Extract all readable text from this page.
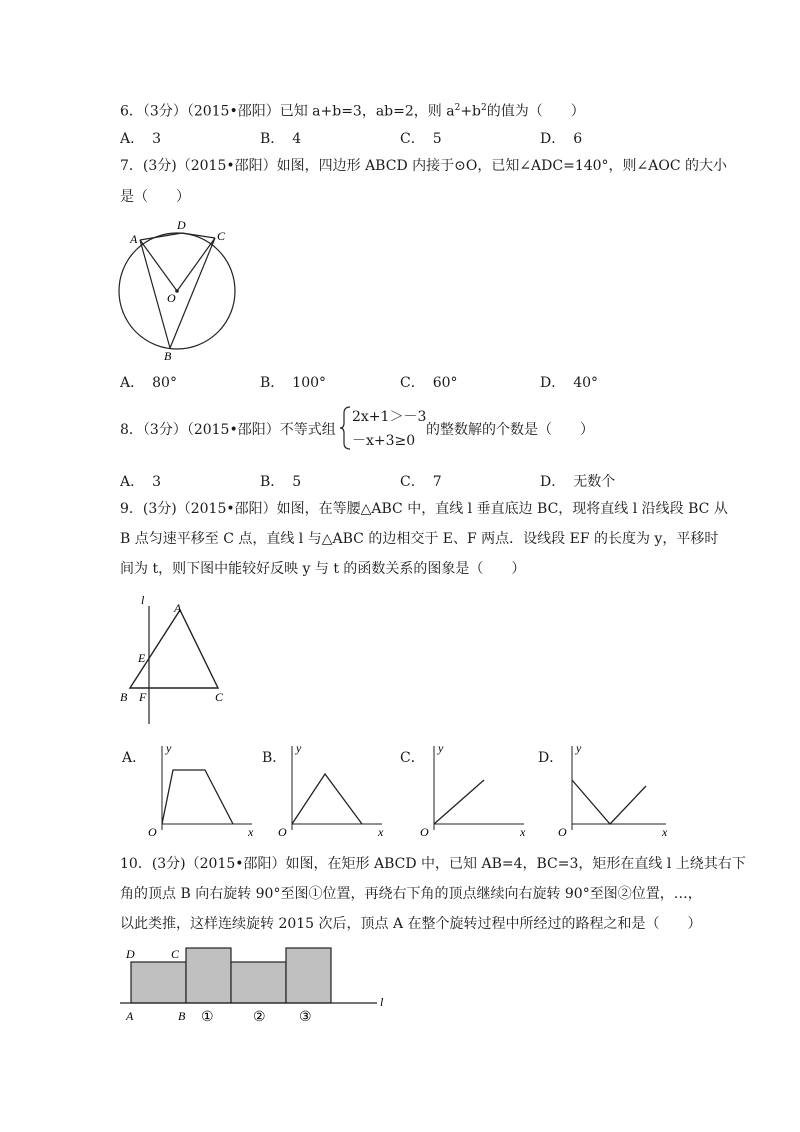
6．（3分）（2015•邵阳）已知 a+b=3，ab=2，则 $a^2+b^2$的值为（　　）
A． 3	B． 4	C． 5	D． 6
7．(3分)（2015•邵阳）如图，四边形 ABCD 内接于⊙O，已知∠ADC=140°，则∠AOC 的大小
是（　　）
A
D
C
O
B
A． 80°	B． 100°	C． 60°	D． 40°
8．（3分）（2015•邵阳）不等式组
2x+1＞－3
－x+3≥0
的整数解的个数是（　　）
A． 3	B． 5	C． 7	D． 无数个
9．(3分)（2015•邵阳）如图，在等腰△ABC 中，直线 l 垂直底边 BC，现将直线 l 沿线段 BC 从
B 点匀速平移至 C 点，直线 l 与△ABC 的边相交于 E、F 两点．设线段 EF 的长度为 y，平移时
间为 t，则下图中能较好反映 y 与 t 的函数关系的图象是（　　）
l
A
E
B F	C
A．
y
x
O
B．
y
x
O
C．
y
x
O
D．
y
x
O
10．(3分)（2015•邵阳）如图，在矩形 ABCD 中，已知 AB=4，BC=3，矩形在直线 l 上绕其右下
角的顶点 B 向右旋转 90°至图①位置，再绕右下角的顶点继续向右旋转 90°至图②位置，…，
以此类推，这样连续旋转 2015 次后，顶点 A 在整个旋转过程中所经过的路程之和是（　　）
D	C
A	B
l
①	② ③
